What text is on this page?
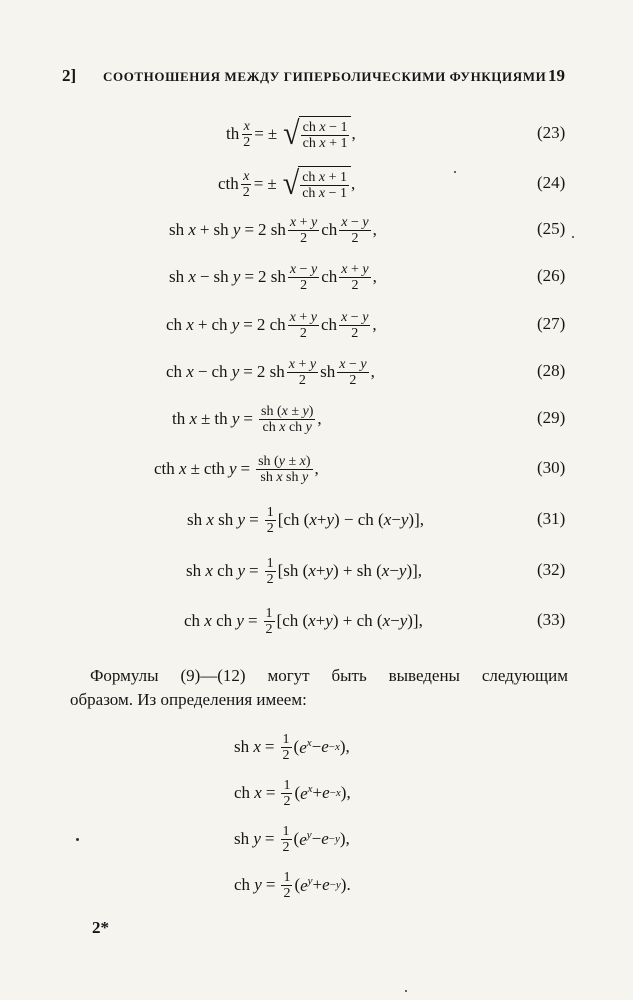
2] СООТНОШЕНИЯ МЕЖДУ ГИПЕРБОЛИЧЕСКИМИ ФУНКЦИЯМИ 19
th $\frac{x}{2}$ = ± √ $\frac{\text{ch x − 1}}{\text{ch x + 1}}$ ,	(23)
cth $\frac{x}{2}$ = ± √ $\frac{\text{ch x + 1}}{\text{ch x − 1}}$ ,	(24)
sh x + sh y = 2 sh $\frac{x + y}{2}$ ch $\frac{x - y}{2}$ ,	(25)
sh x − sh y = 2 sh $\frac{x - y}{2}$ ch $\frac{x + y}{2}$ ,	(26)
ch x + ch y = 2 ch $\frac{x + y}{2}$ ch $\frac{x - y}{2}$ ,	(27)
ch x − ch y = 2 sh $\frac{x + y}{2}$ sh $\frac{x - y}{2}$ ,	(28)
th x ± th $y = \frac{sh (x \pm y)}{\text{ch x ch y}}$ ,	(29)
cth x ± cth $y = \frac{sh (y \pm x)}{\text{sh x sh y}}$ ,	(30)
sh x sh $y = \frac{1}{2} [ch$ ( x + y ) − ch ( x − y )],	(31)
sh x ch $y = \frac{1}{2} [sh$ ( x + y ) + sh ( x − y )],	(32)
ch x ch $y = \frac{1}{2} [ch$ ( x + y ) + ch ( x − y )],	(33)
Формулы (9)—(12) могут быть выведены следующим
образом. Из определения имеем:
sh $x = \frac{1}{2}$ ( $e^x - e -x$ ),
ch $x = \frac{1}{2}$ ( $e^x + e -x$ ),
sh $y = \frac{1}{2}$ ( $e^y - e -y$ ),
ch $y = \frac{1}{2}$ ( $e^y + e -y$ ).
2*
